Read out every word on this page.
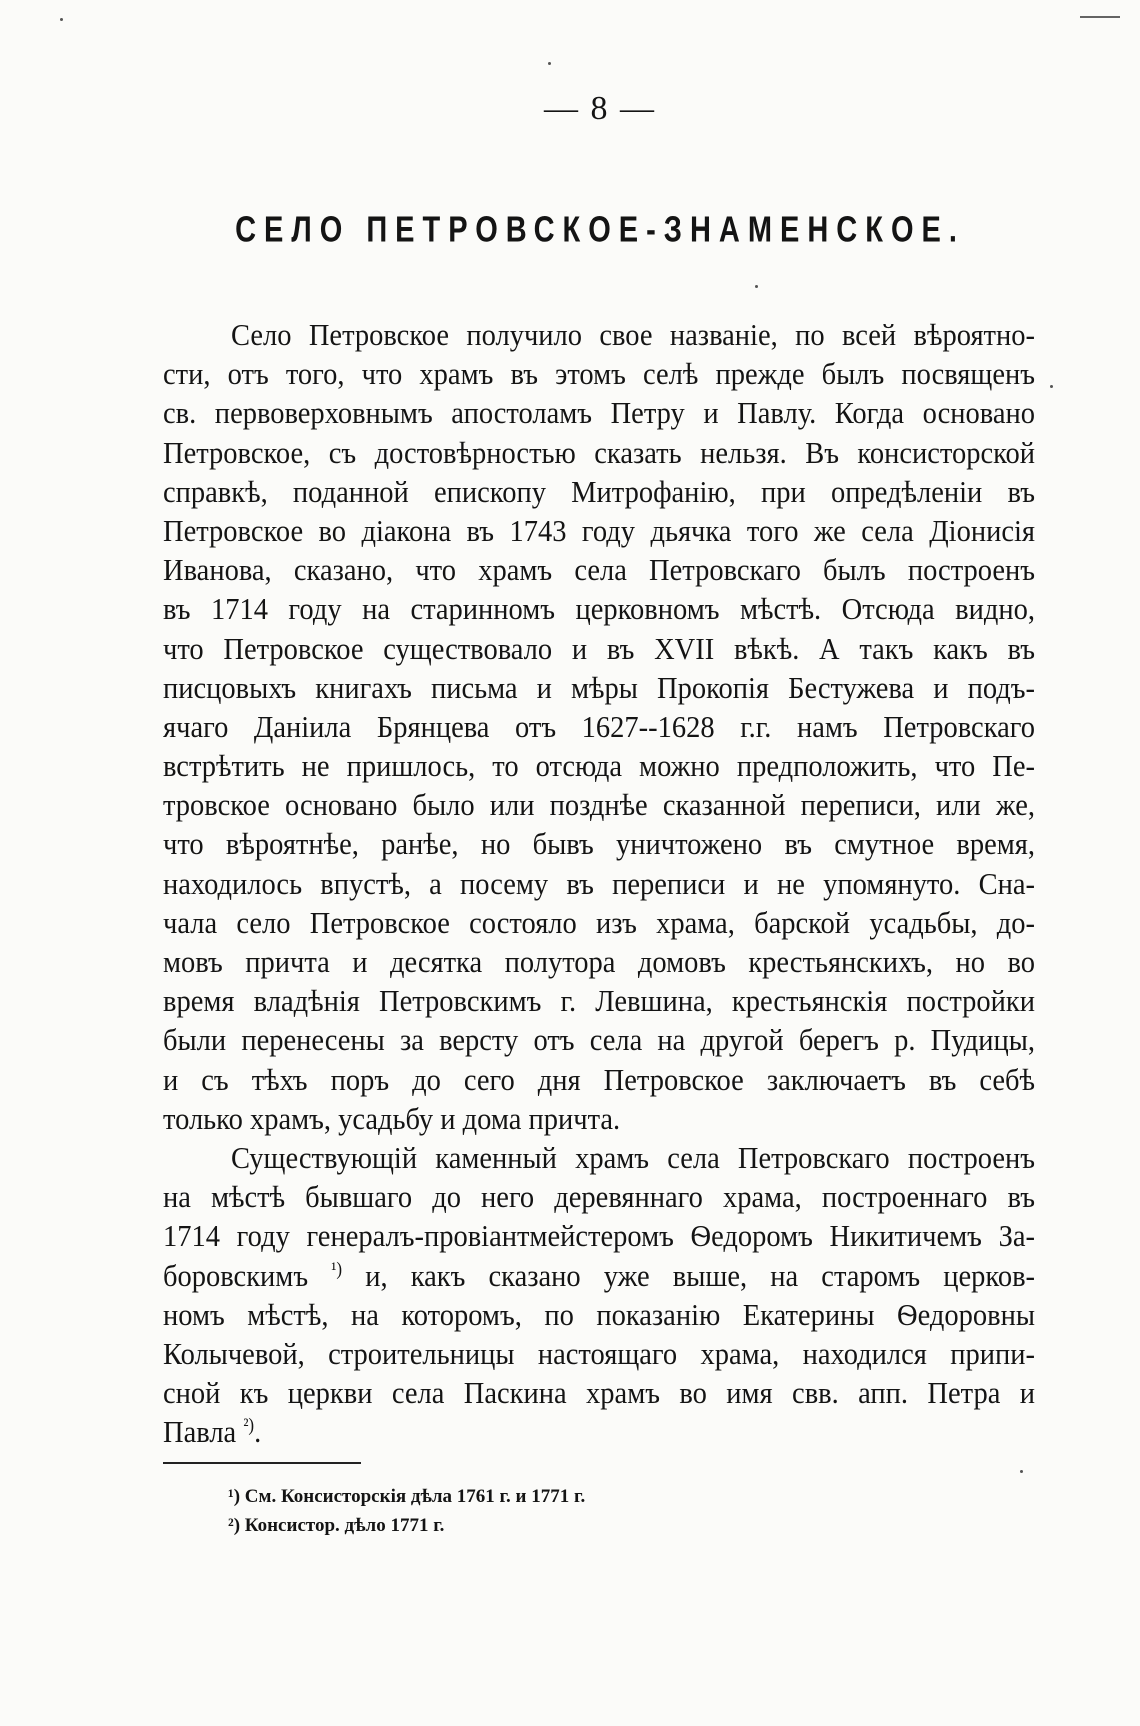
— 8 —
СЕЛО ПЕТРОВСКОЕ-ЗНАМЕНСКОЕ.
Село Петровское получило свое названіе, по всей вѣроятно-
сти, отъ того, что храмъ въ этомъ селѣ прежде былъ посвященъ
св. первоверховнымъ апостоламъ Петру и Павлу. Когда основано
Петровское, съ достовѣрностью сказать нельзя. Въ консисторской
справкѣ, поданной епископу Митрофанію, при опредѣленіи въ
Петровское во діакона въ 1743 году дьячка того же села Діонисія
Иванова, сказано, что храмъ села Петровскаго былъ построенъ
въ 1714 году на старинномъ церковномъ мѣстѣ. Отсюда видно,
что Петровское существовало и въ XVII вѣкѣ. А такъ какъ въ
писцовыхъ книгахъ письма и мѣры Прокопія Бестужева и подъ-
ячаго Даніила Брянцева отъ 1627--1628 г.г. намъ Петровскаго
встрѣтить не пришлось, то отсюда можно предположить, что Пе-
тровское основано было или позднѣе сказанной переписи, или же,
что вѣроятнѣе, ранѣе, но бывъ уничтожено въ смутное время,
находилось впустѣ, а посему въ переписи и не упомянуто. Сна-
чала село Петровское состояло изъ храма, барской усадьбы, до-
мовъ причта и десятка полутора домовъ крестьянскихъ, но во
время владѣнія Петровскимъ г. Левшина, крестьянскія постройки
были перенесены за версту отъ села на другой берегъ р. Пудицы,
и съ тѣхъ поръ до сего дня Петровское заключаетъ въ себѣ
только храмъ, усадьбу и дома причта.
Существующій каменный храмъ села Петровскаго построенъ
на мѣстѣ бывшаго до него деревяннаго храма, построеннаго въ
1714 году генералъ-провіантмейстеромъ Ѳедоромъ Никитичемъ За-
боровскимъ $^{^1)}$ и, какъ сказано уже выше, на старомъ церков-
номъ мѣстѣ, на которомъ, по показанію Екатерины Ѳедоровны
Колычевой, строительницы настоящаго храма, находился припи-
сной къ церкви села Паскина храмъ во имя свв. апп. Петра и
Павла $^{^2)}$.
¹) См. Консисторскія дѣла 1761 г. и 1771 г.
²) Консистор. дѣло 1771 г.
